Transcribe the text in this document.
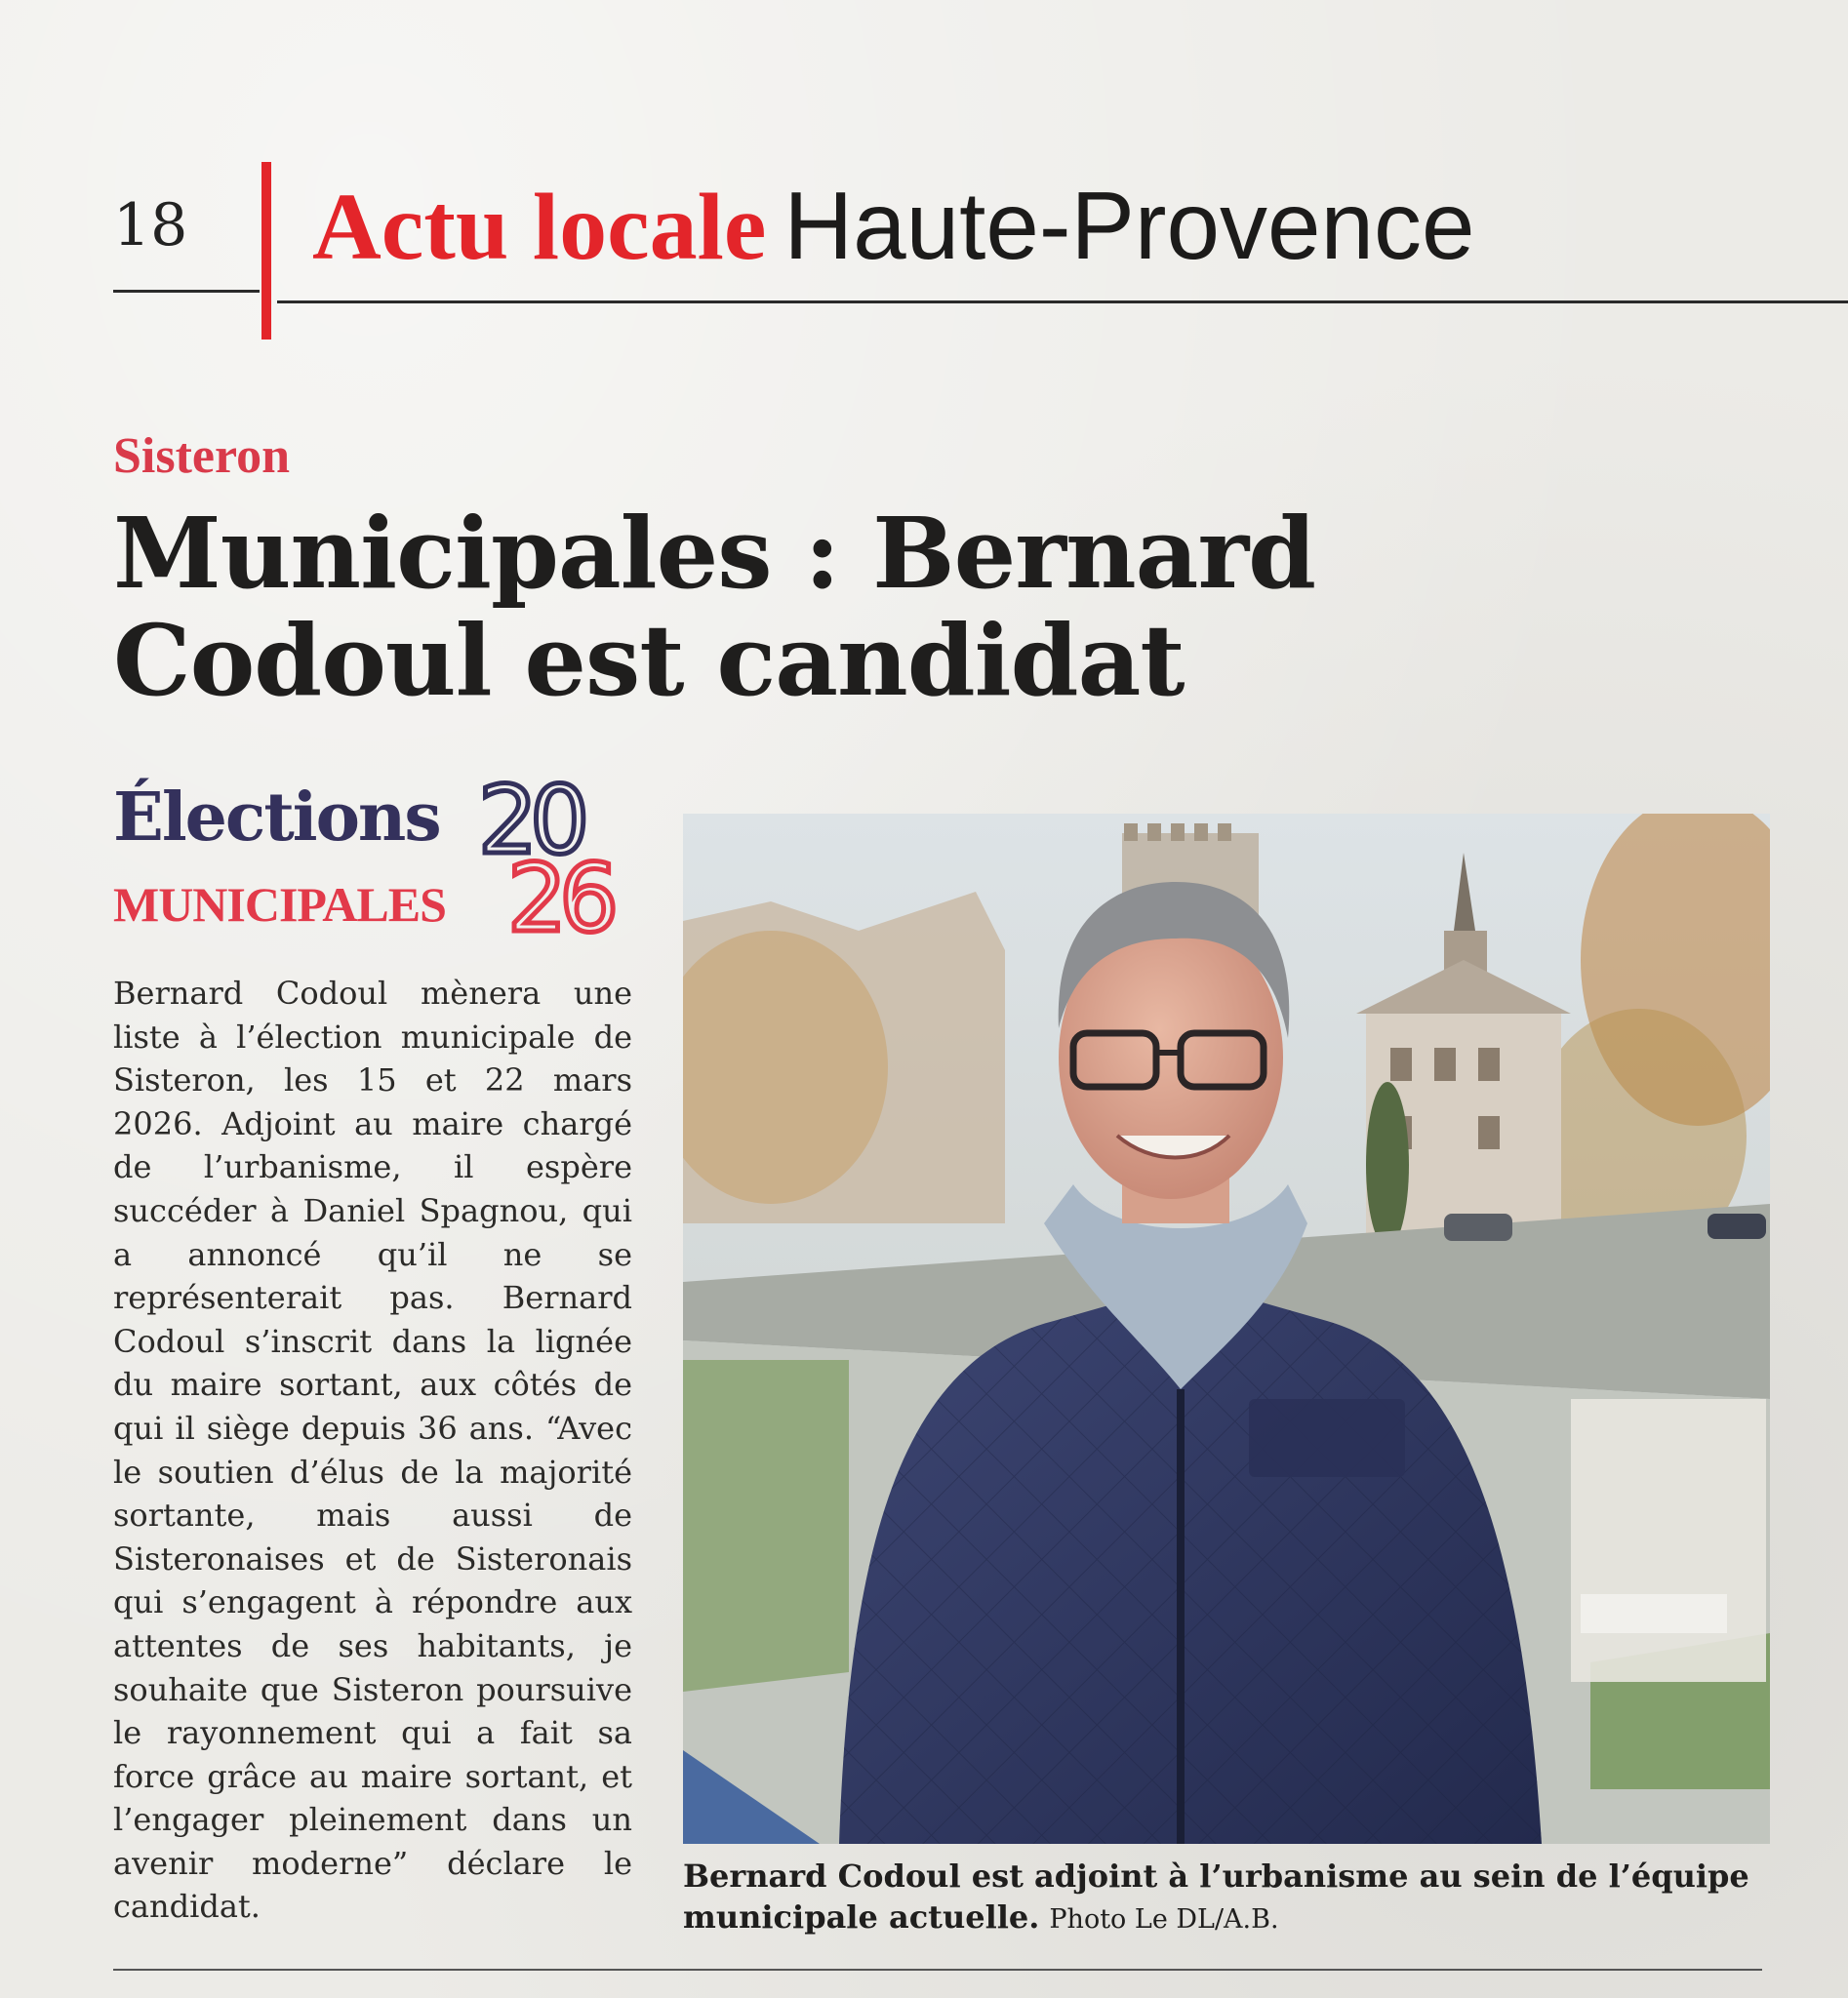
18 Actu locale Haute-Provence
Sisteron
Municipales : Bernard Codoul est candidat
Élections
MUNICIPALES
20
26
Bernard Codoul mènera une liste à l’élection municipale de Sisteron, les 15 et 22 mars 2026. Adjoint au maire chargé de l’urbanisme, il espère succéder à Daniel Spagnou, qui a annoncé qu’il ne se représenterait pas. Bernard Codoul s’inscrit dans la lignée du maire sortant, aux côtés de qui il siège depuis 36 ans. “Avec le soutien d’élus de la majorité sortante, mais aussi de Sisteronaises et de Sisteronais qui s’engagent à répondre aux attentes de ses habitants, je souhaite que Sisteron poursuive le rayonnement qui a fait sa force grâce au maire sortant, et l’engager pleinement dans un avenir moderne” déclare le candidat.
Bernard Codoul est adjoint à l’urbanisme au sein de l’équipe municipale actuelle. Photo Le DL/A.B.
